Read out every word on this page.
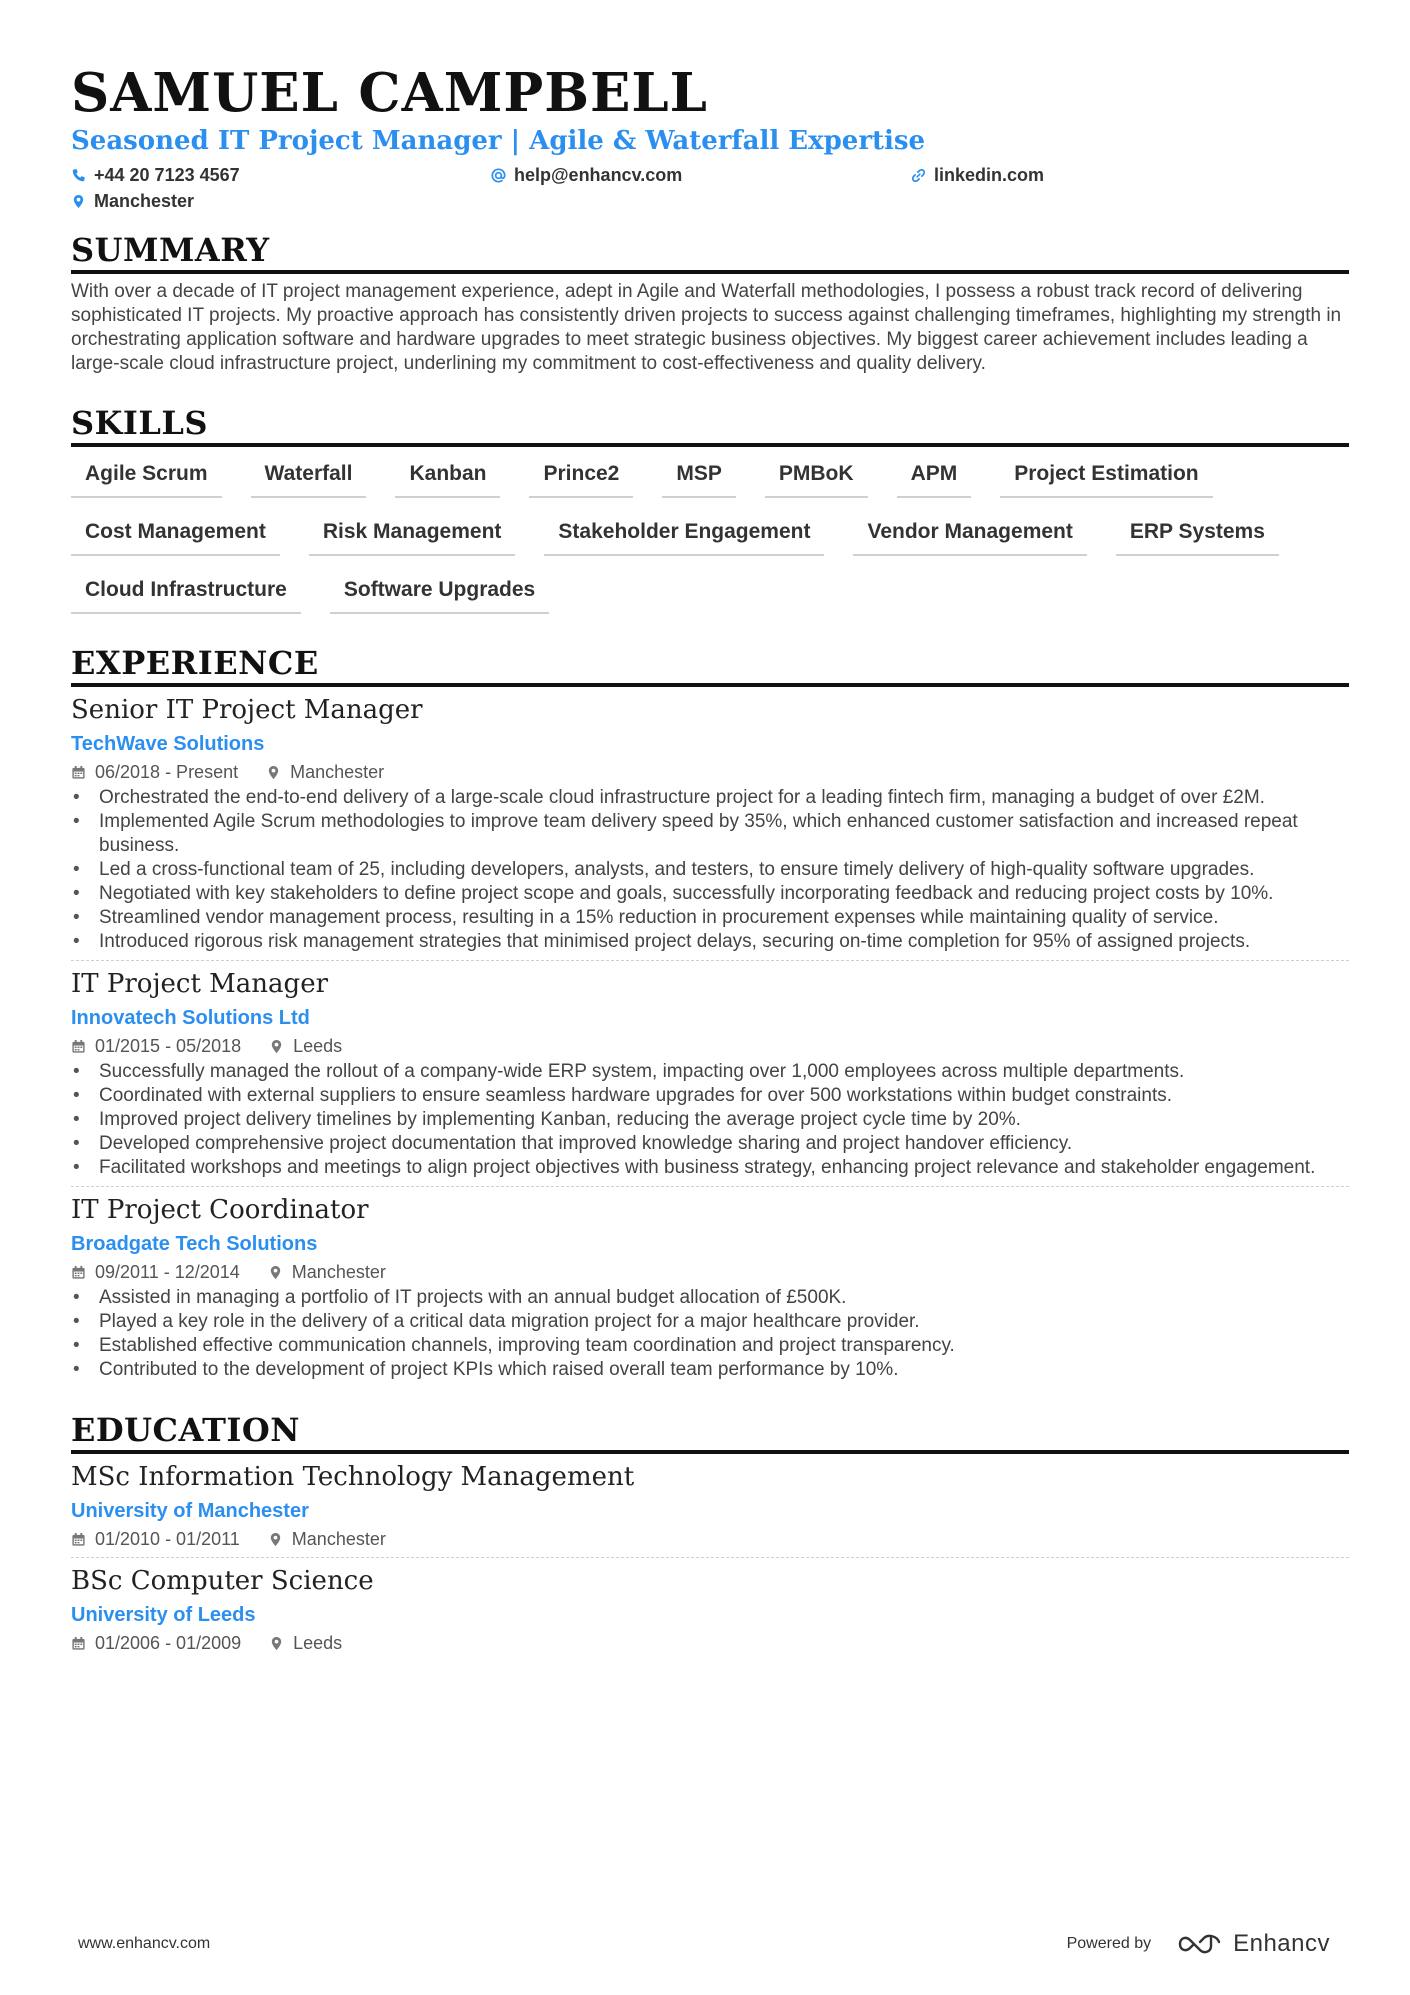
SAMUEL CAMPBELL
Seasoned IT Project Manager | Agile & Waterfall Expertise
+44 20 7123 4567	help@enhancv.com	linkedin.com
Manchester
SUMMARY
With over a decade of IT project management experience, adept in Agile and Waterfall methodologies, I possess a robust track record of delivering sophisticated IT projects. My proactive approach has consistently driven projects to success against challenging timeframes, highlighting my strength in orchestrating application software and hardware upgrades to meet strategic business objectives. My biggest career achievement includes leading a large-scale cloud infrastructure project, underlining my commitment to cost-effectiveness and quality delivery.
SKILLS
Agile Scrum	Waterfall	Kanban	Prince2	MSP	PMBoK	APM	Project Estimation
Cost Management	Risk Management	Stakeholder Engagement	Vendor Management	ERP Systems
Cloud Infrastructure	Software Upgrades
EXPERIENCE
Senior IT Project Manager
TechWave Solutions
06/2018 - Present	Manchester
• Orchestrated the end-to-end delivery of a large-scale cloud infrastructure project for a leading fintech firm, managing a budget of over £2M.
• Implemented Agile Scrum methodologies to improve team delivery speed by 35%, which enhanced customer satisfaction and increased repeat business.
• Led a cross-functional team of 25, including developers, analysts, and testers, to ensure timely delivery of high-quality software upgrades.
• Negotiated with key stakeholders to define project scope and goals, successfully incorporating feedback and reducing project costs by 10%.
• Streamlined vendor management process, resulting in a 15% reduction in procurement expenses while maintaining quality of service.
• Introduced rigorous risk management strategies that minimised project delays, securing on-time completion for 95% of assigned projects.
IT Project Manager
Innovatech Solutions Ltd
01/2015 - 05/2018	Leeds
• Successfully managed the rollout of a company-wide ERP system, impacting over 1,000 employees across multiple departments.
• Coordinated with external suppliers to ensure seamless hardware upgrades for over 500 workstations within budget constraints.
• Improved project delivery timelines by implementing Kanban, reducing the average project cycle time by 20%.
• Developed comprehensive project documentation that improved knowledge sharing and project handover efficiency.
• Facilitated workshops and meetings to align project objectives with business strategy, enhancing project relevance and stakeholder engagement.
IT Project Coordinator
Broadgate Tech Solutions
09/2011 - 12/2014	Manchester
• Assisted in managing a portfolio of IT projects with an annual budget allocation of £500K.
• Played a key role in the delivery of a critical data migration project for a major healthcare provider.
• Established effective communication channels, improving team coordination and project transparency.
• Contributed to the development of project KPIs which raised overall team performance by 10%.
EDUCATION
MSc Information Technology Management
University of Manchester
01/2010 - 01/2011	Manchester
BSc Computer Science
University of Leeds
01/2006 - 01/2009	Leeds
www.enhancv.com	Powered by	Enhancv
